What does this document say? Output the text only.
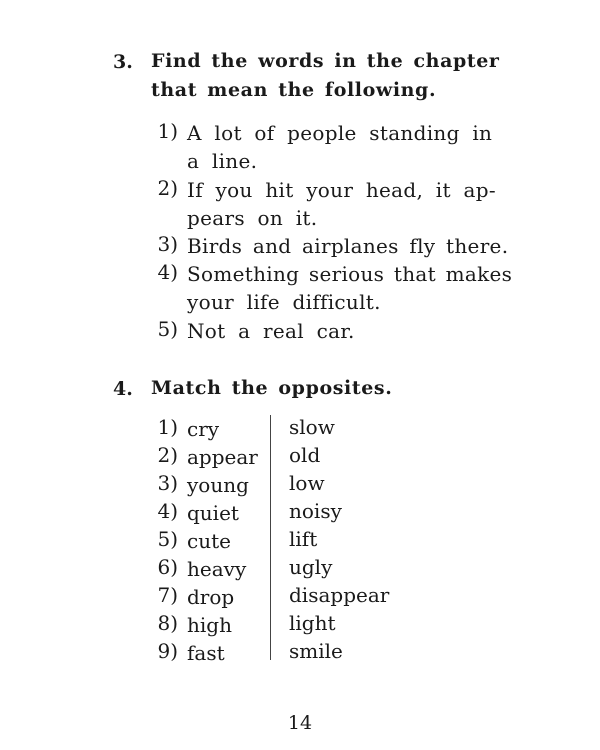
3. Find the words in the chapter
that mean the following.
1) A lot of people standing in
a line.
2) If you hit your head, it ap-
pears on it.
3) Birds and airplanes fly there.
4) Something serious that makes
your life difficult.
5) Not a real car.
4. Match the opposites.
1) cry
2) appear
3) young
4) quiet
5) cute
6) heavy
7) drop
8) high
9) fast
slow
old
low
noisy
lift
ugly
disappear
light
smile
14
